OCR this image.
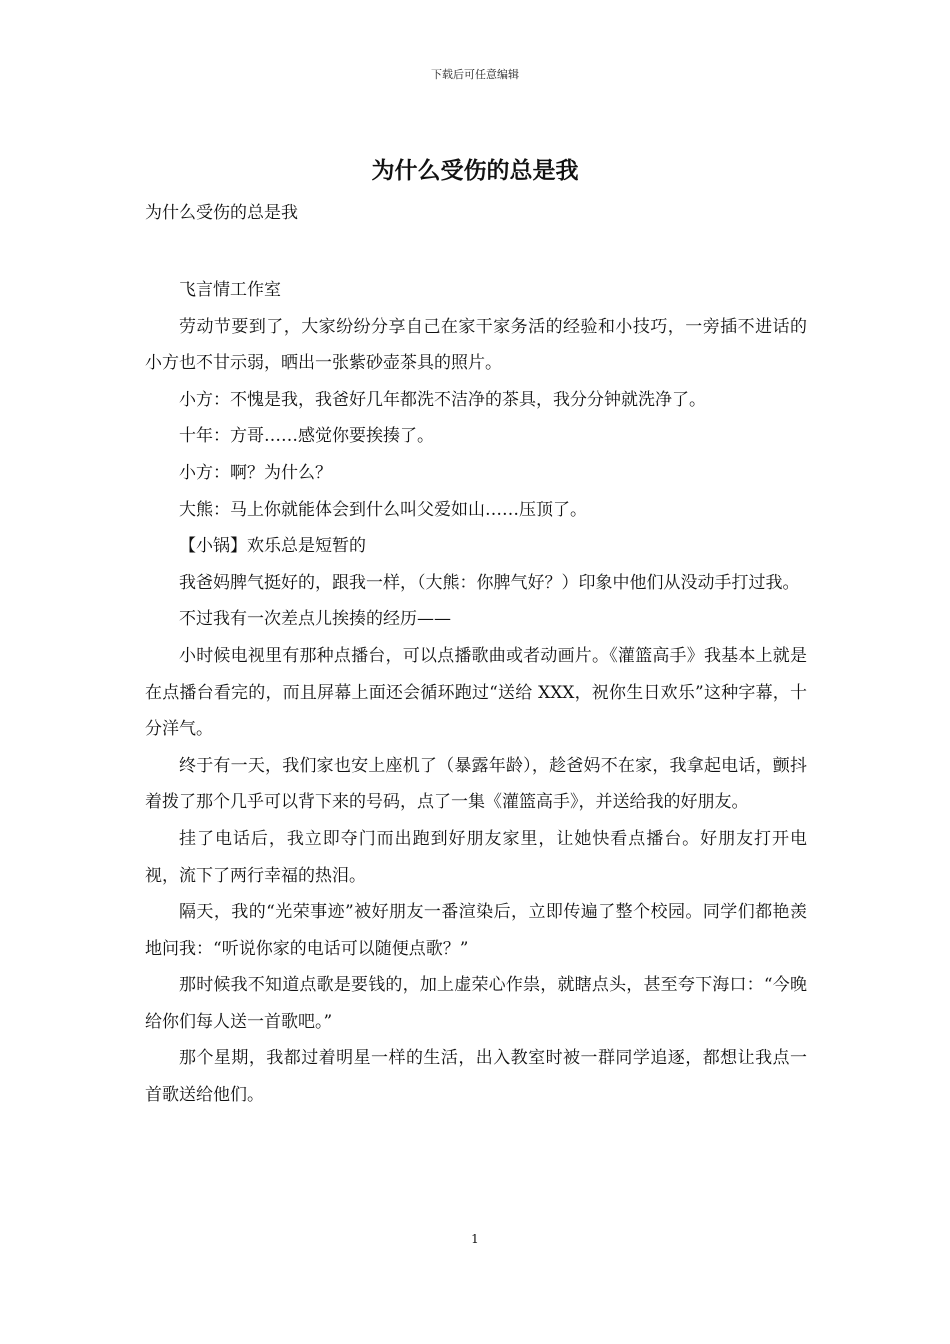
下载后可任意编辑
为什么受伤的总是我

为什么受伤的总是我

飞言情工作室

劳动节要到了，大家纷纷分享自己在家干家务活的经验和小技巧，一旁插不进话的小方也不甘示弱，晒出一张紫砂壶茶具的照片。

小方：不愧是我，我爸好几年都洗不洁净的茶具，我分分钟就洗净了。

十年：方哥……感觉你要挨揍了。

小方：啊？为什么？

大熊：马上你就能体会到什么叫父爱如山……压顶了。

【小锅】欢乐总是短暂的

我爸妈脾气挺好的，跟我一样，（大熊：你脾气好？）印象中他们从没动手打过我。

不过我有一次差点儿挨揍的经历——

小时候电视里有那种点播台，可以点播歌曲或者动画片。《灌篮高手》我基本上就是在点播台看完的，而且屏幕上面还会循环跑过“送给 XXX，祝你生日欢乐”这种字幕，十分洋气。

终于有一天，我们家也安上座机了（暴露年龄），趁爸妈不在家，我拿起电话，颤抖着拨了那个几乎可以背下来的号码，点了一集《灌篮高手》，并送给我的好朋友。

挂了电话后，我立即夺门而出跑到好朋友家里，让她快看点播台。好朋友打开电视，流下了两行幸福的热泪。

隔天，我的“光荣事迹”被好朋友一番渲染后，立即传遍了整个校园。同学们都艳羡地问我：“听说你家的电话可以随便点歌？”

那时候我不知道点歌是要钱的，加上虚荣心作祟，就瞎点头，甚至夸下海口：“今晚给你们每人送一首歌吧。”

那个星期，我都过着明星一样的生活，出入教室时被一群同学追逐，都想让我点一首歌送给他们。

1
